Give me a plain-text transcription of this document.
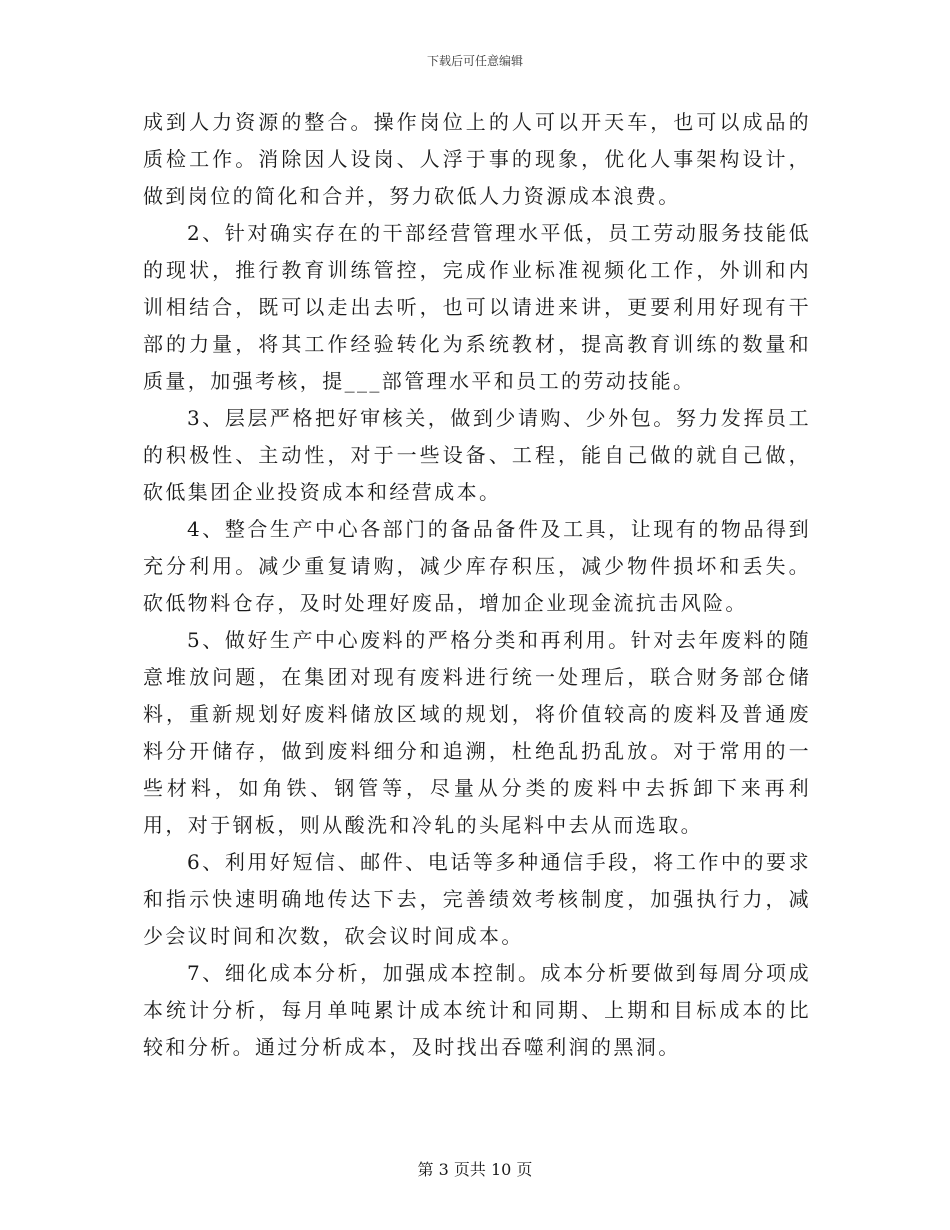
下载后可任意编辑

成到人力资源的整合。操作岗位上的人可以开天车，也可以成品的质检工作。消除因人设岗、人浮于事的现象，优化人事架构设计，做到岗位的简化和合并，努力砍低人力资源成本浪费。

2、针对确实存在的干部经营管理水平低，员工劳动服务技能低的现状，推行教育训练管控，完成作业标准视频化工作，外训和内训相结合，既可以走出去听，也可以请进来讲，更要利用好现有干部的力量，将其工作经验转化为系统教材，提高教育训练的数量和质量，加强考核，提___部管理水平和员工的劳动技能。

3、层层严格把好审核关，做到少请购、少外包。努力发挥员工的积极性、主动性，对于一些设备、工程，能自己做的就自己做，砍低集团企业投资成本和经营成本。

4、整合生产中心各部门的备品备件及工具，让现有的物品得到充分利用。减少重复请购，减少库存积压，减少物件损坏和丢失。砍低物料仓存，及时处理好废品，增加企业现金流抗击风险。

5、做好生产中心废料的严格分类和再利用。针对去年废料的随意堆放问题，在集团对现有废料进行统一处理后，联合财务部仓储料，重新规划好废料储放区域的规划，将价值较高的废料及普通废料分开储存，做到废料细分和追溯，杜绝乱扔乱放。对于常用的一些材料，如角铁、钢管等，尽量从分类的废料中去拆卸下来再利用，对于钢板，则从酸洗和冷轧的头尾料中去从而选取。

6、利用好短信、邮件、电话等多种通信手段，将工作中的要求和指示快速明确地传达下去，完善绩效考核制度，加强执行力，减少会议时间和次数，砍会议时间成本。

7、细化成本分析，加强成本控制。成本分析要做到每周分项成本统计分析，每月单吨累计成本统计和同期、上期和目标成本的比较和分析。通过分析成本，及时找出吞噬利润的黑洞。

第 3 页共 10 页
